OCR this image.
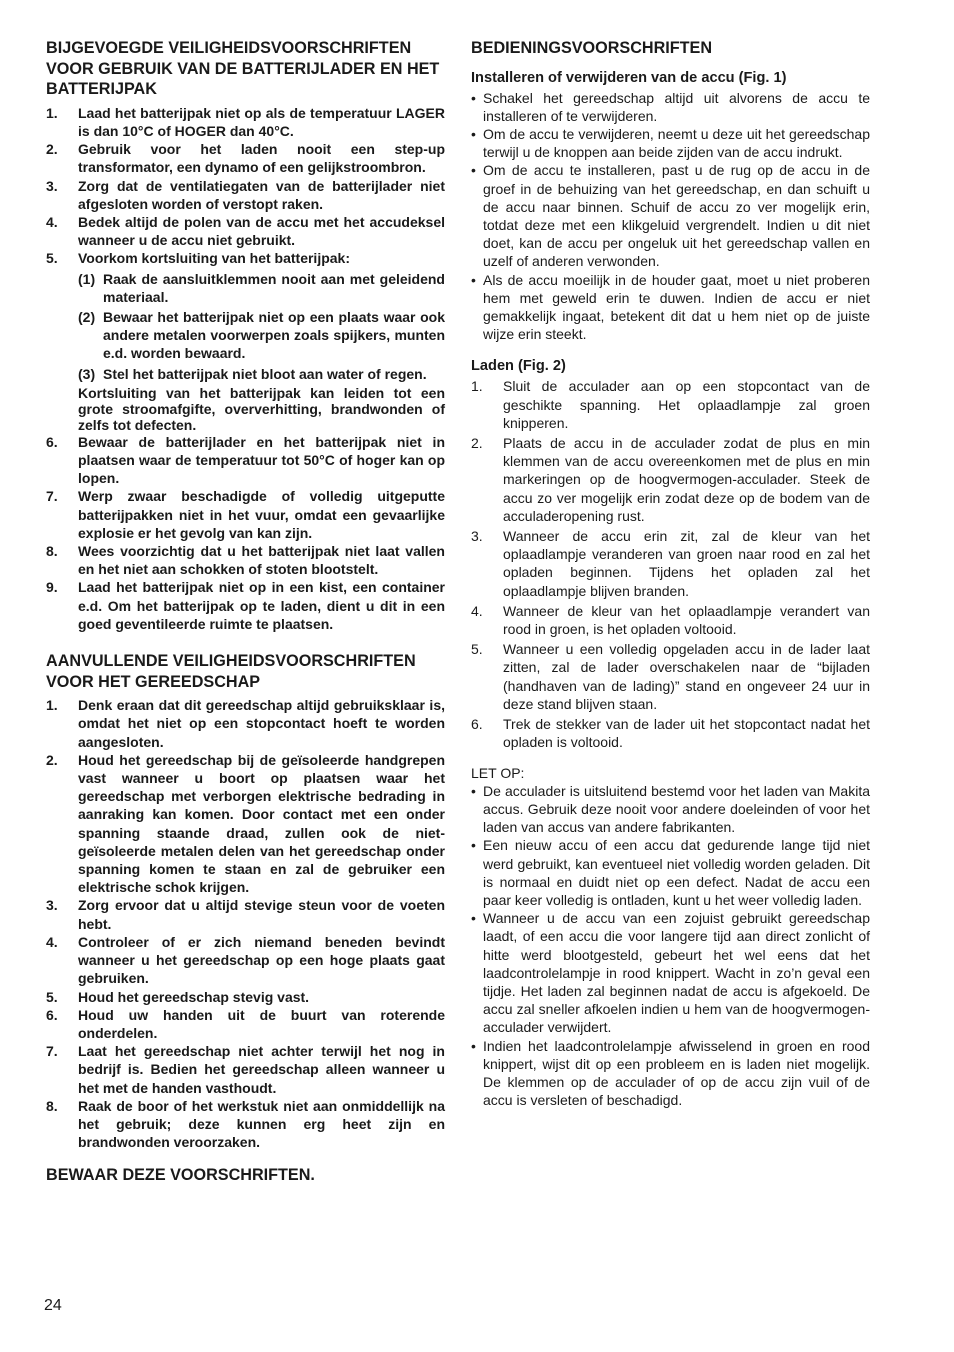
BIJGEVOEGDE VEILIGHEIDSVOORSCHRIFTEN VOOR GEBRUIK VAN DE BATTERIJLADER EN HET BATTERIJPAK
1. Laad het batterijpak niet op als de temperatuur LAGER is dan 10°C of HOGER dan 40°C.
2. Gebruik voor het laden nooit een step-up transformator, een dynamo of een gelijkstroombron.
3. Zorg dat de ventilatiegaten van de batterijlader niet afgesloten worden of verstopt raken.
4. Bedek altijd de polen van de accu met het accudeksel wanneer u de accu niet gebruikt.
5. Voorkom kortsluiting van het batterijpak:
(1) Raak de aansluitklemmen nooit aan met geleidend materiaal.
(2) Bewaar het batterijpak niet op een plaats waar ook andere metalen voorwerpen zoals spijkers, munten e.d. worden bewaard.
(3) Stel het batterijpak niet bloot aan water of regen.
Kortsluiting van het batterijpak kan leiden tot een grote stroomafgifte, oververhitting, brandwonden of zelfs tot defecten.
6. Bewaar de batterijlader en het batterijpak niet in plaatsen waar de temperatuur tot 50°C of hoger kan op lopen.
7. Werp zwaar beschadigde of volledig uitgeputte batterijpakken niet in het vuur, omdat een gevaarlijke explosie er het gevolg van kan zijn.
8. Wees voorzichtig dat u het batterijpak niet laat vallen en het niet aan schokken of stoten blootstelt.
9. Laad het batterijpak niet op in een kist, een container e.d. Om het batterijpak op te laden, dient u dit in een goed geventileerde ruimte te plaatsen.
AANVULLENDE VEILIGHEIDSVOORSCHRIFTEN VOOR HET GEREEDSCHAP
1. Denk eraan dat dit gereedschap altijd gebruiksklaar is, omdat het niet op een stopcontact hoeft te worden aangesloten.
2. Houd het gereedschap bij de geïsoleerde handgrepen vast wanneer u boort op plaatsen waar het gereedschap met verborgen elektrische bedrading in aanraking kan komen. Door contact met een onder spanning staande draad, zullen ook de niet-geïsoleerde metalen delen van het gereedschap onder spanning komen te staan en zal de gebruiker een elektrische schok krijgen.
3. Zorg ervoor dat u altijd stevige steun voor de voeten hebt.
4. Controleer of er zich niemand beneden bevindt wanneer u het gereedschap op een hoge plaats gaat gebruiken.
5. Houd het gereedschap stevig vast.
6. Houd uw handen uit de buurt van roterende onderdelen.
7. Laat het gereedschap niet achter terwijl het nog in bedrijf is. Bedien het gereedschap alleen wanneer u het met de handen vasthoudt.
8. Raak de boor of het werkstuk niet aan onmiddellijk na het gebruik; deze kunnen erg heet zijn en brandwonden veroorzaken.
BEWAAR DEZE VOORSCHRIFTEN.
BEDIENINGSVOORSCHRIFTEN
Installeren of verwijderen van de accu (Fig. 1)
• Schakel het gereedschap altijd uit alvorens de accu te installeren of te verwijderen.
• Om de accu te verwijderen, neemt u deze uit het gereedschap terwijl u de knoppen aan beide zijden van de accu indrukt.
• Om de accu te installeren, past u de rug op de accu in de groef in de behuizing van het gereedschap, en dan schuift u de accu naar binnen. Schuif de accu zo ver mogelijk erin, totdat deze met een klikgeluid vergrendelt. Indien u dit niet doet, kan de accu per ongeluk uit het gereedschap vallen en uzelf of anderen verwonden.
• Als de accu moeilijk in de houder gaat, moet u niet proberen hem met geweld erin te duwen. Indien de accu er niet gemakkelijk ingaat, betekent dit dat u hem niet op de juiste wijze erin steekt.
Laden (Fig. 2)
1. Sluit de acculader aan op een stopcontact van de geschikte spanning. Het oplaadlampje zal groen knipperen.
2. Plaats de accu in de acculader zodat de plus en min klemmen van de accu overeenkomen met de plus en min markeringen op de hoogvermogen-acculader. Steek de accu zo ver mogelijk erin zodat deze op de bodem van de acculaderopening rust.
3. Wanneer de accu erin zit, zal de kleur van het oplaadlampje veranderen van groen naar rood en zal het opladen beginnen. Tijdens het opladen zal het oplaadlampje blijven branden.
4. Wanneer de kleur van het oplaadlampje verandert van rood in groen, is het opladen voltooid.
5. Wanneer u een volledig opgeladen accu in de lader laat zitten, zal de lader overschakelen naar de “bijladen (handhaven van de lading)” stand en ongeveer 24 uur in deze stand blijven staan.
6. Trek de stekker van de lader uit het stopcontact nadat het opladen is voltooid.
LET OP:
• De acculader is uitsluitend bestemd voor het laden van Makita accus. Gebruik deze nooit voor andere doeleinden of voor het laden van accus van andere fabrikanten.
• Een nieuw accu of een accu dat gedurende lange tijd niet werd gebruikt, kan eventueel niet volledig worden geladen. Dit is normaal en duidt niet op een defect. Nadat de accu een paar keer volledig is ontladen, kunt u het weer volledig laden.
• Wanneer u de accu van een zojuist gebruikt gereedschap laadt, of een accu die voor langere tijd aan direct zonlicht of hitte werd blootgesteld, gebeurt het wel eens dat het laadcontrolelampje in rood knippert. Wacht in zo’n geval een tijdje. Het laden zal beginnen nadat de accu is afgekoeld. De accu zal sneller afkoelen indien u hem van de hoogvermogen-acculader verwijdert.
• Indien het laadcontrolelampje afwisselend in groen en rood knippert, wijst dit op een probleem en is laden niet mogelijk. De klemmen op de acculader of op de accu zijn vuil of de accu is versleten of beschadigd.
24
